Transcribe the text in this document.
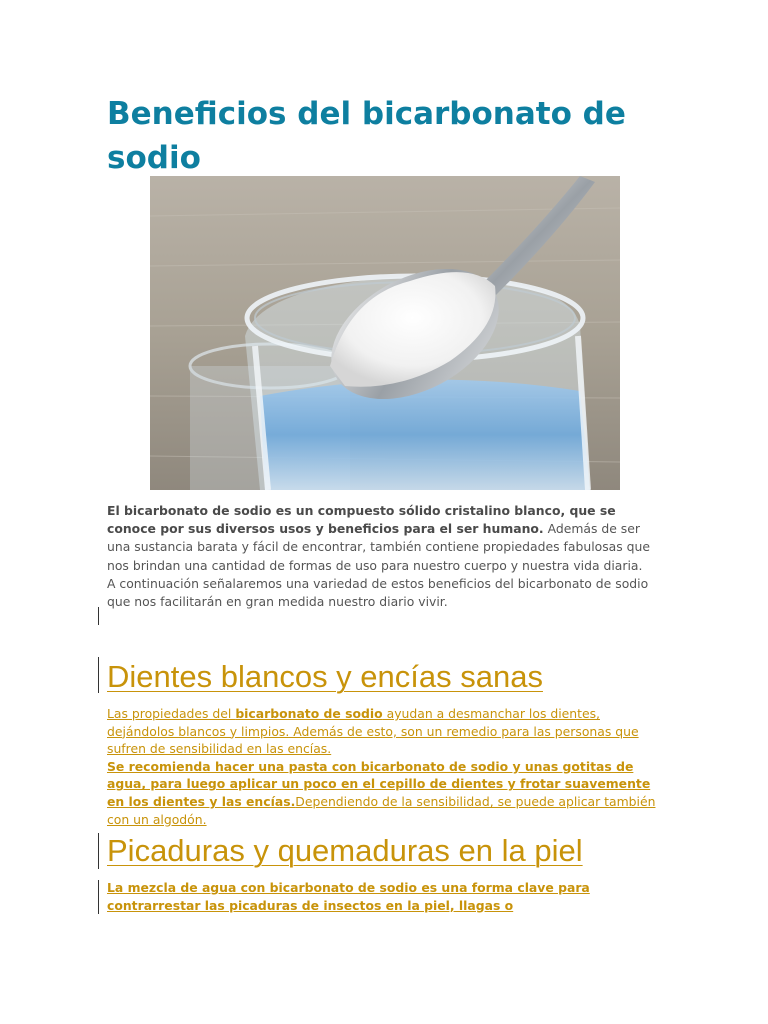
Beneficios del bicarbonato de sodio

El bicarbonato de sodio es un compuesto sólido cristalino blanco, que se conoce por sus diversos usos y beneficios para el ser humano. Además de ser una sustancia barata y fácil de encontrar, también contiene propiedades fabulosas que nos brindan una cantidad de formas de uso para nuestro cuerpo y nuestra vida diaria. A continuación señalaremos una variedad de estos beneficios del bicarbonato de sodio que nos facilitarán en gran medida nuestro diario vivir.

Dientes blancos y encías sanas

Las propiedades del bicarbonato de sodio ayudan a desmanchar los dientes, dejándolos blancos y limpios. Además de esto, son un remedio para las personas que sufren de sensibilidad en las encías.
Se recomienda hacer una pasta con bicarbonato de sodio y unas gotitas de agua, para luego aplicar un poco en el cepillo de dientes y frotar suavemente en los dientes y las encías.Dependiendo de la sensibilidad, se puede aplicar también con un algodón.

Picaduras y quemaduras en la piel

La mezcla de agua con bicarbonato de sodio es una forma clave para contrarrestar las picaduras de insectos en la piel, llagas o
